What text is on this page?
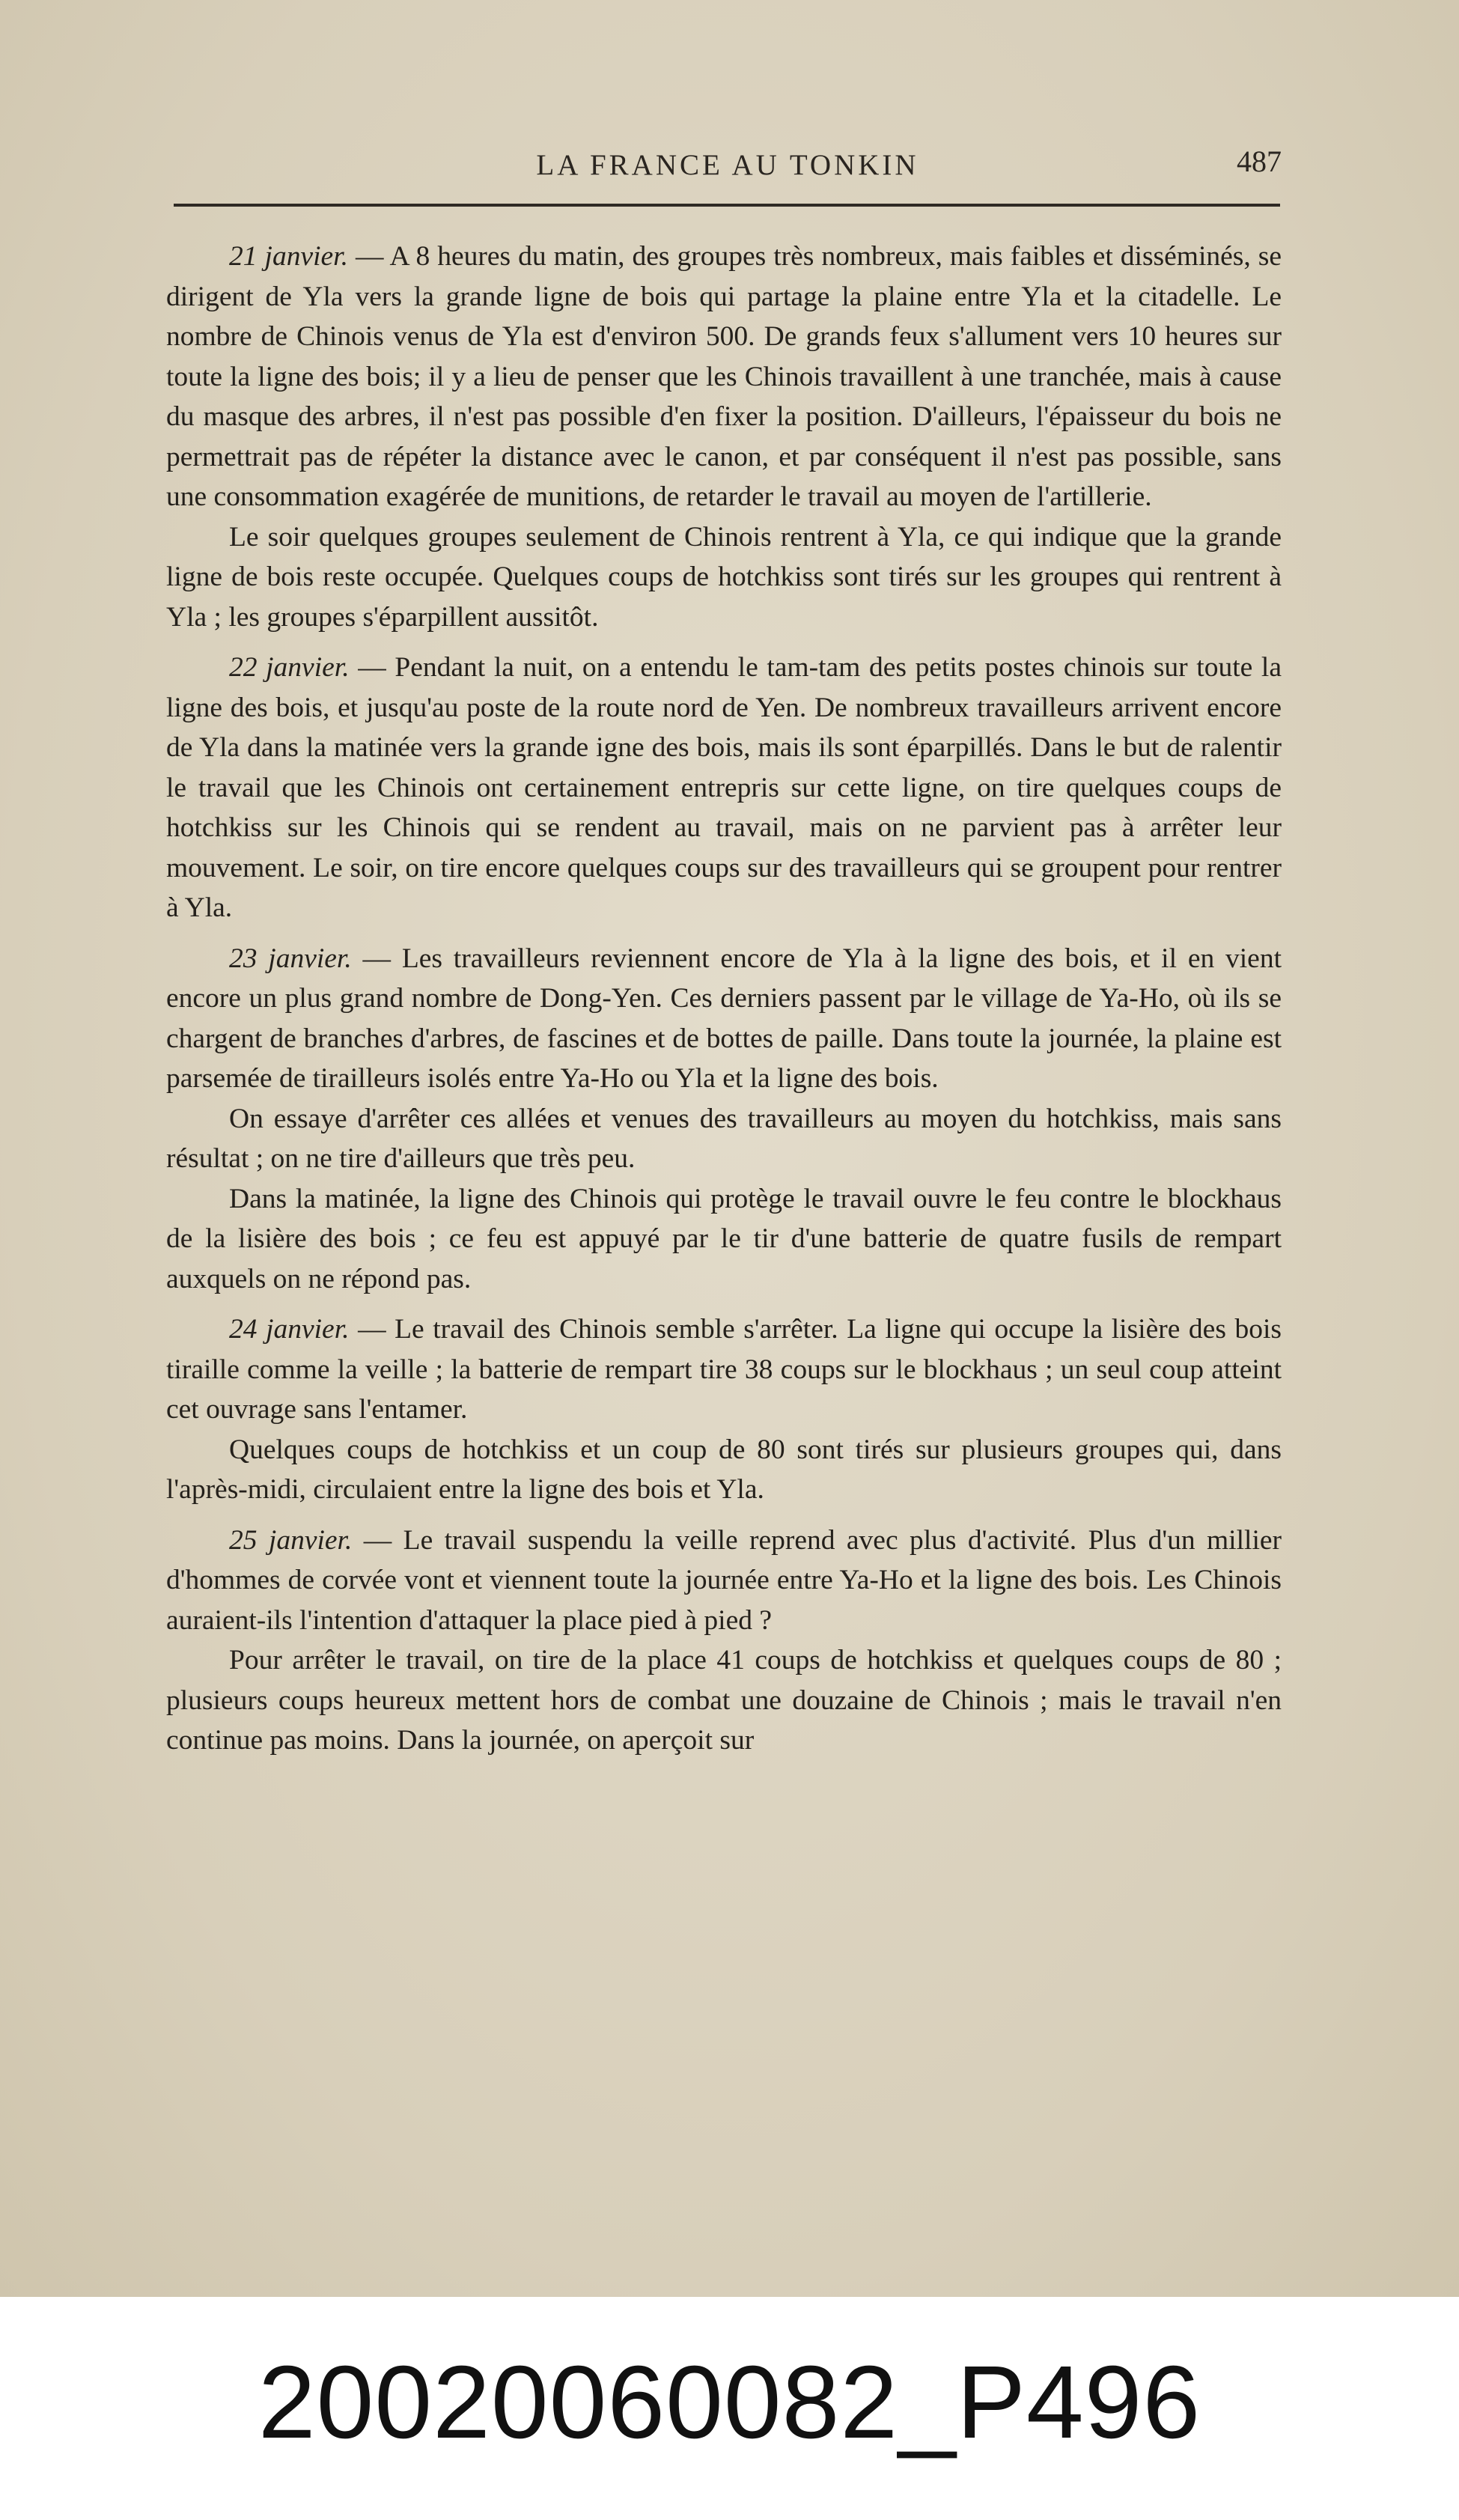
LA FRANCE AU TONKIN	487

21 janvier. — A 8 heures du matin, des groupes très nombreux, mais faibles et disséminés, se dirigent de Yla vers la grande ligne de bois qui partage la plaine entre Yla et la citadelle. Le nombre de Chinois venus de Yla est d'environ 500. De grands feux s'allument vers 10 heures sur toute la ligne des bois; il y a lieu de penser que les Chinois travaillent à une tranchée, mais à cause du masque des arbres, il n'est pas possible d'en fixer la position. D'ailleurs, l'épaisseur du bois ne permettrait pas de répéter la distance avec le canon, et par conséquent il n'est pas possible, sans une consommation exagérée de munitions, de retarder le travail au moyen de l'artillerie.

Le soir quelques groupes seulement de Chinois rentrent à Yla, ce qui indique que la grande ligne de bois reste occupée. Quelques coups de hotchkiss sont tirés sur les groupes qui rentrent à Yla ; les groupes s'éparpillent aussitôt.

22 janvier. — Pendant la nuit, on a entendu le tam-tam des petits postes chinois sur toute la ligne des bois, et jusqu'au poste de la route nord de Yen. De nombreux travailleurs arrivent encore de Yla dans la matinée vers la grande igne des bois, mais ils sont éparpillés. Dans le but de ralentir le travail que les Chinois ont certainement entrepris sur cette ligne, on tire quelques coups de hotchkiss sur les Chinois qui se rendent au travail, mais on ne parvient pas à arrêter leur mouvement. Le soir, on tire encore quelques coups sur des travailleurs qui se groupent pour rentrer à Yla.

23 janvier. — Les travailleurs reviennent encore de Yla à la ligne des bois, et il en vient encore un plus grand nombre de Dong-Yen. Ces derniers passent par le village de Ya-Ho, où ils se chargent de branches d'arbres, de fascines et de bottes de paille. Dans toute la journée, la plaine est parsemée de tirailleurs isolés entre Ya-Ho ou Yla et la ligne des bois.

On essaye d'arrêter ces allées et venues des travailleurs au moyen du hotchkiss, mais sans résultat ; on ne tire d'ailleurs que très peu.

Dans la matinée, la ligne des Chinois qui protège le travail ouvre le feu contre le blockhaus de la lisière des bois ; ce feu est appuyé par le tir d'une batterie de quatre fusils de rempart auxquels on ne répond pas.

24 janvier. — Le travail des Chinois semble s'arrêter. La ligne qui occupe la lisière des bois tiraille comme la veille ; la batterie de rempart tire 38 coups sur le blockhaus ; un seul coup atteint cet ouvrage sans l'entamer.

Quelques coups de hotchkiss et un coup de 80 sont tirés sur plusieurs groupes qui, dans l'après-midi, circulaient entre la ligne des bois et Yla.

25 janvier. — Le travail suspendu la veille reprend avec plus d'activité. Plus d'un millier d'hommes de corvée vont et viennent toute la journée entre Ya-Ho et la ligne des bois. Les Chinois auraient-ils l'intention d'attaquer la place pied à pied ?

Pour arrêter le travail, on tire de la place 41 coups de hotchkiss et quelques coups de 80 ; plusieurs coups heureux mettent hors de combat une douzaine de Chinois ; mais le travail n'en continue pas moins. Dans la journée, on aperçoit sur

20020060082_P496
